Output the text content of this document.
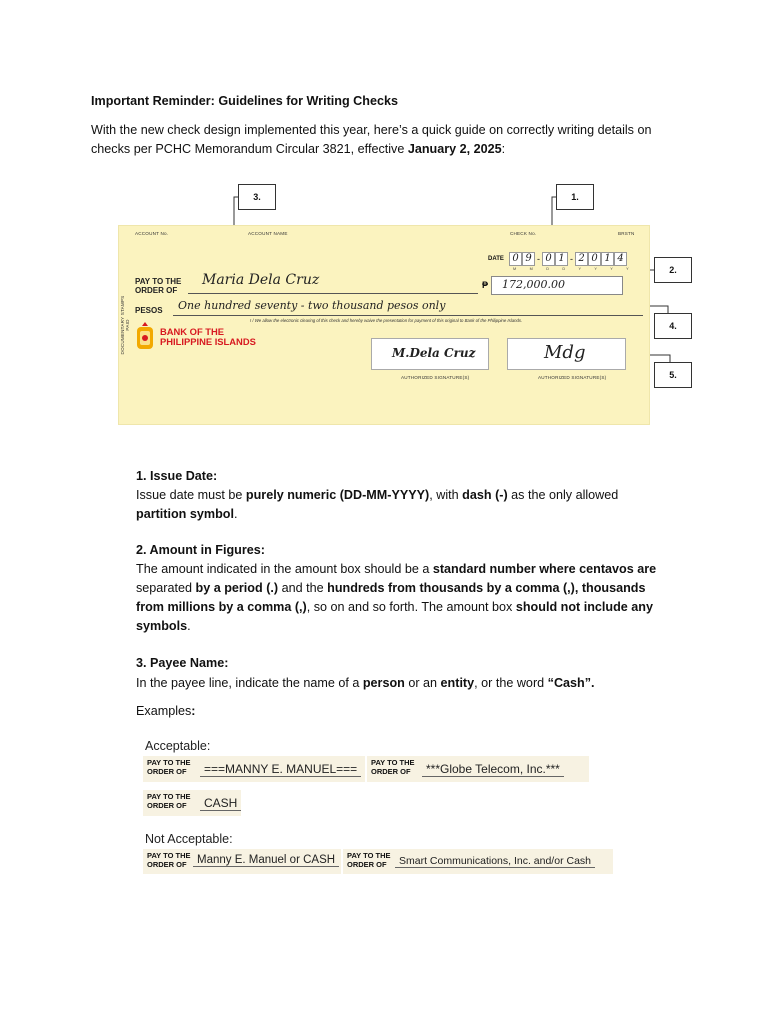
Important Reminder: Guidelines for Writing Checks
With the new check design implemented this year, here’s a quick guide on correctly writing details on checks per PCHC Memorandum Circular 3821, effective January 2, 2025:
3.	1.
2.
4.
5.
ACCOUNT No.	ACCOUNT NAME	CHECK No.	BRSTN
DOCUMENTARY STAMPS PAID
DATE 0 9 - 0 1 - 2 0 1 4
M M D D Y Y Y Y
PAY TO THE
ORDER OF
Maria Dela Cruz	₱ 172,000.00
PESOS One hundred seventy - two thousand pesos only
I / We allow the electronic clearing of this check and hereby waive the presentation for payment of this original to Bank of the Philippine Islands.
BANK OF THE
PHILIPPINE ISLANDS
M.Dela Cruz	Mdg
AUTHORIZED SIGNATURE(S)	AUTHORIZED SIGNATURE(S)
1. Issue Date:
Issue date must be purely numeric (DD-MM-YYYY), with dash (-) as the only allowed partition symbol.
2. Amount in Figures:
The amount indicated in the amount box should be a standard number where centavos are separated by a period (.) and the hundreds from thousands by a comma (,), thousands from millions by a comma (,), so on and so forth. The amount box should not include any symbols.
3. Payee Name:
In the payee line, indicate the name of a person or an entity, or the word “Cash”.
Examples:
Acceptable:
PAY TO THE
ORDER OF	===MANNY E. MANUEL===	PAY TO THE
ORDER OF	***Globe Telecom, Inc.***
PAY TO THE
ORDER OF	CASH
Not Acceptable:
PAY TO THE
ORDER OF Manny E. Manuel or CASH	PAY TO THE
ORDER OF	Smart Communications, Inc. and/or Cash
